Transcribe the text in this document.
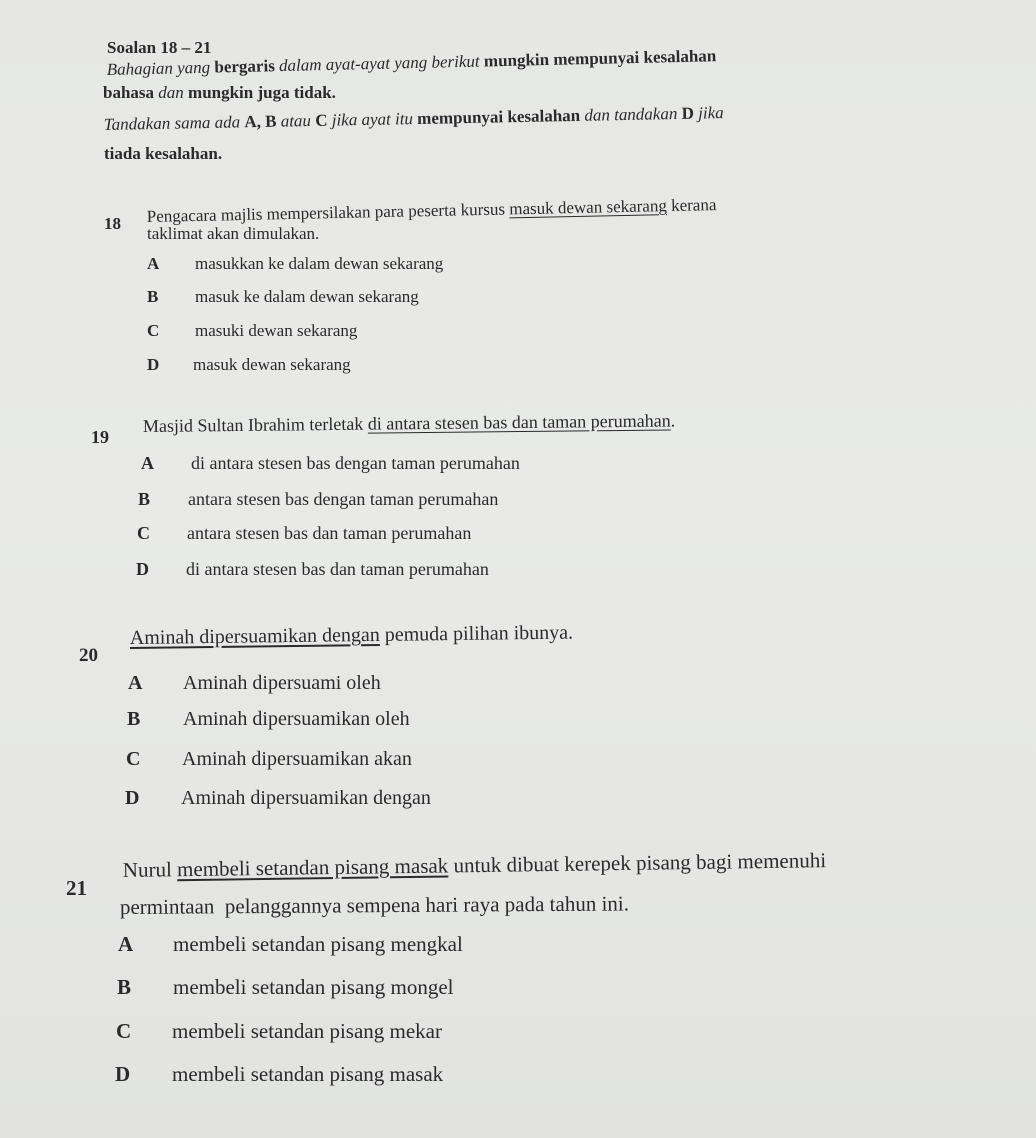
Soalan 18 – 21
Bahagian yang bergaris dalam ayat-ayat yang berikut mungkin mempunyai kesalahan
bahasa dan mungkin juga tidak.
Tandakan sama ada A, B atau C jika ayat itu mempunyai kesalahan dan tandakan D jika
tiada kesalahan.
18 Pengacara majlis mempersilakan para peserta kursus masuk dewan sekarang kerana
taklimat akan dimulakan.
A masukkan ke dalam dewan sekarang
B masuk ke dalam dewan sekarang
C masuki dewan sekarang
D masuk dewan sekarang
19
Masjid Sultan Ibrahim terletak di antara stesen bas dan taman perumahan.
A di antara stesen bas dengan taman perumahan
B antara stesen bas dengan taman perumahan
C antara stesen bas dan taman perumahan
D di antara stesen bas dan taman perumahan
20
Aminah dipersuamikan dengan pemuda pilihan ibunya.
A Aminah dipersuami oleh
B Aminah dipersuamikan oleh
C Aminah dipersuamikan akan
D Aminah dipersuamikan dengan
21
Nurul membeli setandan pisang masak untuk dibuat kerepek pisang bagi memenuhi
permintaan  pelanggannya sempena hari raya pada tahun ini.
A membeli setandan pisang mengkal
B membeli setandan pisang mongel
C membeli setandan pisang mekar
D membeli setandan pisang masak
